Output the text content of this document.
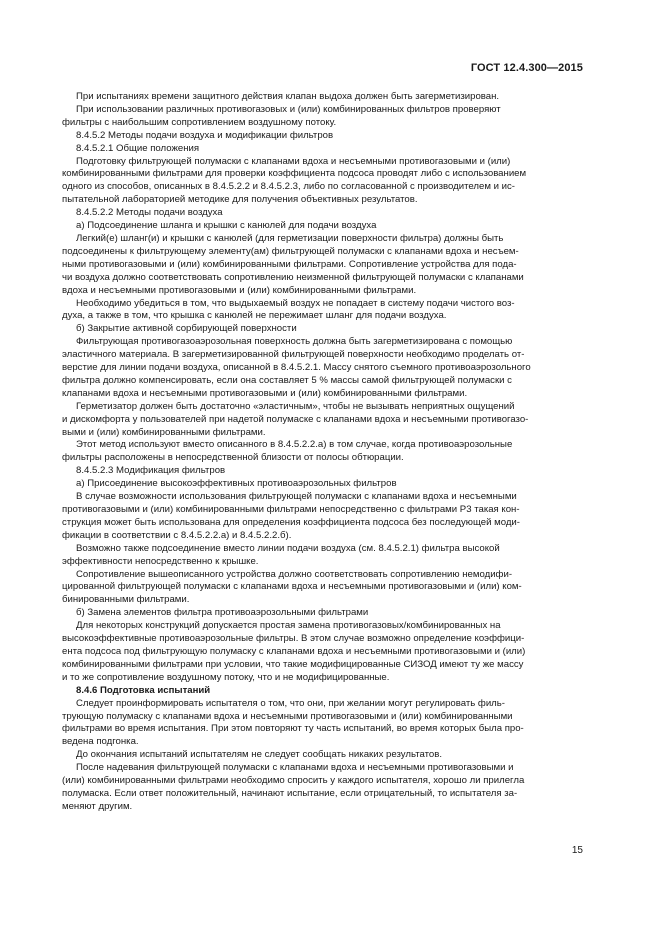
ГОСТ 12.4.300—2015

При испытаниях времени защитного действия клапан выдоха должен быть загерметизирован.

При использовании различных противогазовых и (или) комбинированных фильтров проверяют
фильтры с наибольшим сопротивлением воздушному потоку.

8.4.5.2 Методы подачи воздуха и модификации фильтров

8.4.5.2.1 Общие положения

Подготовку фильтрующей полумаски с клапанами вдоха и несъемными противогазовыми и (или)
комбинированными фильтрами для проверки коэффициента подсоса проводят либо с использованием
одного из способов, описанных в 8.4.5.2.2 и 8.4.5.2.3, либо по согласованной с производителем и ис-
пытательной лабораторией методике для получения объективных результатов.

8.4.5.2.2 Методы подачи воздуха

а) Подсоединение шланга и крышки с канюлей для подачи воздуха

Легкий(е) шланг(и) и крышки с канюлей (для герметизации поверхности фильтра) должны быть
подсоединены к фильтрующему элементу(ам) фильтрующей полумаски с клапанами вдоха и несъем-
ными противогазовыми и (или) комбинированными фильтрами. Сопротивление устройства для пода-
чи воздуха должно соответствовать сопротивлению неизменной фильтрующей полумаски с клапанами
вдоха и несъемными противогазовыми и (или) комбинированными фильтрами.

Необходимо убедиться в том, что выдыхаемый воздух не попадает в систему подачи чистого воз-
духа, а также в том, что крышка с канюлей не пережимает шланг для подачи воздуха.

б) Закрытие активной сорбирующей поверхности

Фильтрующая противогазоаэрозольная поверхность должна быть загерметизирована с помощью
эластичного материала. В загерметизированной фильтрующей поверхности необходимо проделать от-
верстие для линии подачи воздуха, описанной в 8.4.5.2.1. Массу снятого съемного противоаэрозольного
фильтра должно компенсировать, если она составляет 5 % массы самой фильтрующей полумаски с
клапанами вдоха и несъемными противогазовыми и (или) комбинированными фильтрами.

Герметизатор должен быть достаточно «эластичным», чтобы не вызывать неприятных ощущений
и дискомфорта у пользователей при надетой полумаске с клапанами вдоха и несъемными противогазо-
выми и (или) комбинированными фильтрами.

Этот метод используют вместо описанного в 8.4.5.2.2.а) в том случае, когда противоаэрозольные
фильтры расположены в непосредственной близости от полосы обтюрации.

8.4.5.2.3 Модификация фильтров

а) Присоединение высокоэффективных противоаэрозольных фильтров

В случае возможности использования фильтрующей полумаски с клапанами вдоха и несъемными
противогазовыми и (или) комбинированными фильтрами непосредственно с фильтрами Р3 такая кон-
струкция может быть использована для определения коэффициента подсоса без последующей моди-
фикации в соответствии с 8.4.5.2.2.а) и 8.4.5.2.2.б).

Возможно также подсоединение вместо линии подачи воздуха (см. 8.4.5.2.1) фильтра высокой
эффективности непосредственно к крышке.

Сопротивление вышеописанного устройства должно соответствовать сопротивлению немодифи-
цированной фильтрующей полумаски с клапанами вдоха и несъемными противогазовыми и (или) ком-
бинированными фильтрами.

б) Замена элементов фильтра противоаэрозольными фильтрами

Для некоторых конструкций допускается простая замена противогазовых/комбинированных на
высокоэффективные противоаэрозольные фильтры. В этом случае возможно определение коэффици-
ента подсоса под фильтрующую полумаску с клапанами вдоха и несъемными противогазовыми и (или)
комбинированными фильтрами при условии, что такие модифицированные СИЗОД имеют ту же массу
и то же сопротивление воздушному потоку, что и не модифицированные.

8.4.6 Подготовка испытаний

Следует проинформировать испытателя о том, что они, при желании могут регулировать филь-
трующую полумаску с клапанами вдоха и несъемными противогазовыми и (или) комбинированными
фильтрами во время испытания. При этом повторяют ту часть испытаний, во время которых была про-
ведена подгонка.

До окончания испытаний испытателям не следует сообщать никаких результатов.

После надевания фильтрующей полумаски с клапанами вдоха и несъемными противогазовыми и
(или) комбинированными фильтрами необходимо спросить у каждого испытателя, хорошо ли прилегла
полумаска. Если ответ положительный, начинают испытание, если отрицательный, то испытателя за-
меняют другим.

15
